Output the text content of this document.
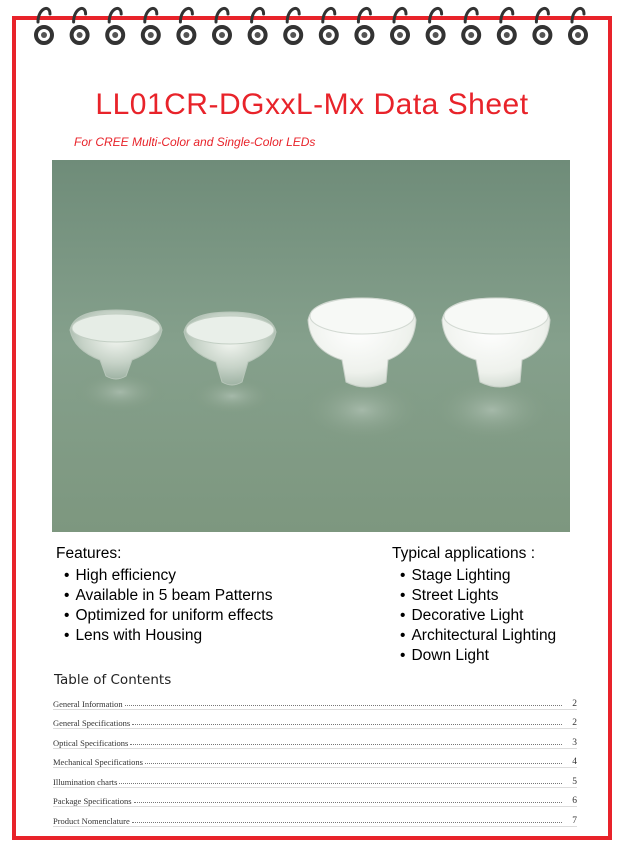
LL01CR-DGxxL-Mx Data Sheet
For CREE Multi-Color and Single-Color LEDs
Features:
• High efficiency
• Available in 5 beam Patterns
• Optimized for uniform effects
• Lens with Housing
Typical applications :
• Stage Lighting
• Street Lights
• Decorative Light
• Architectural Lighting
• Down Light
Table of Contents
General Information	2
General Specifications	2
Optical Specifications	3
Mechanical Specifications	4
Illumination charts	5
Package Specifications	6
Product Nomenclature	7
